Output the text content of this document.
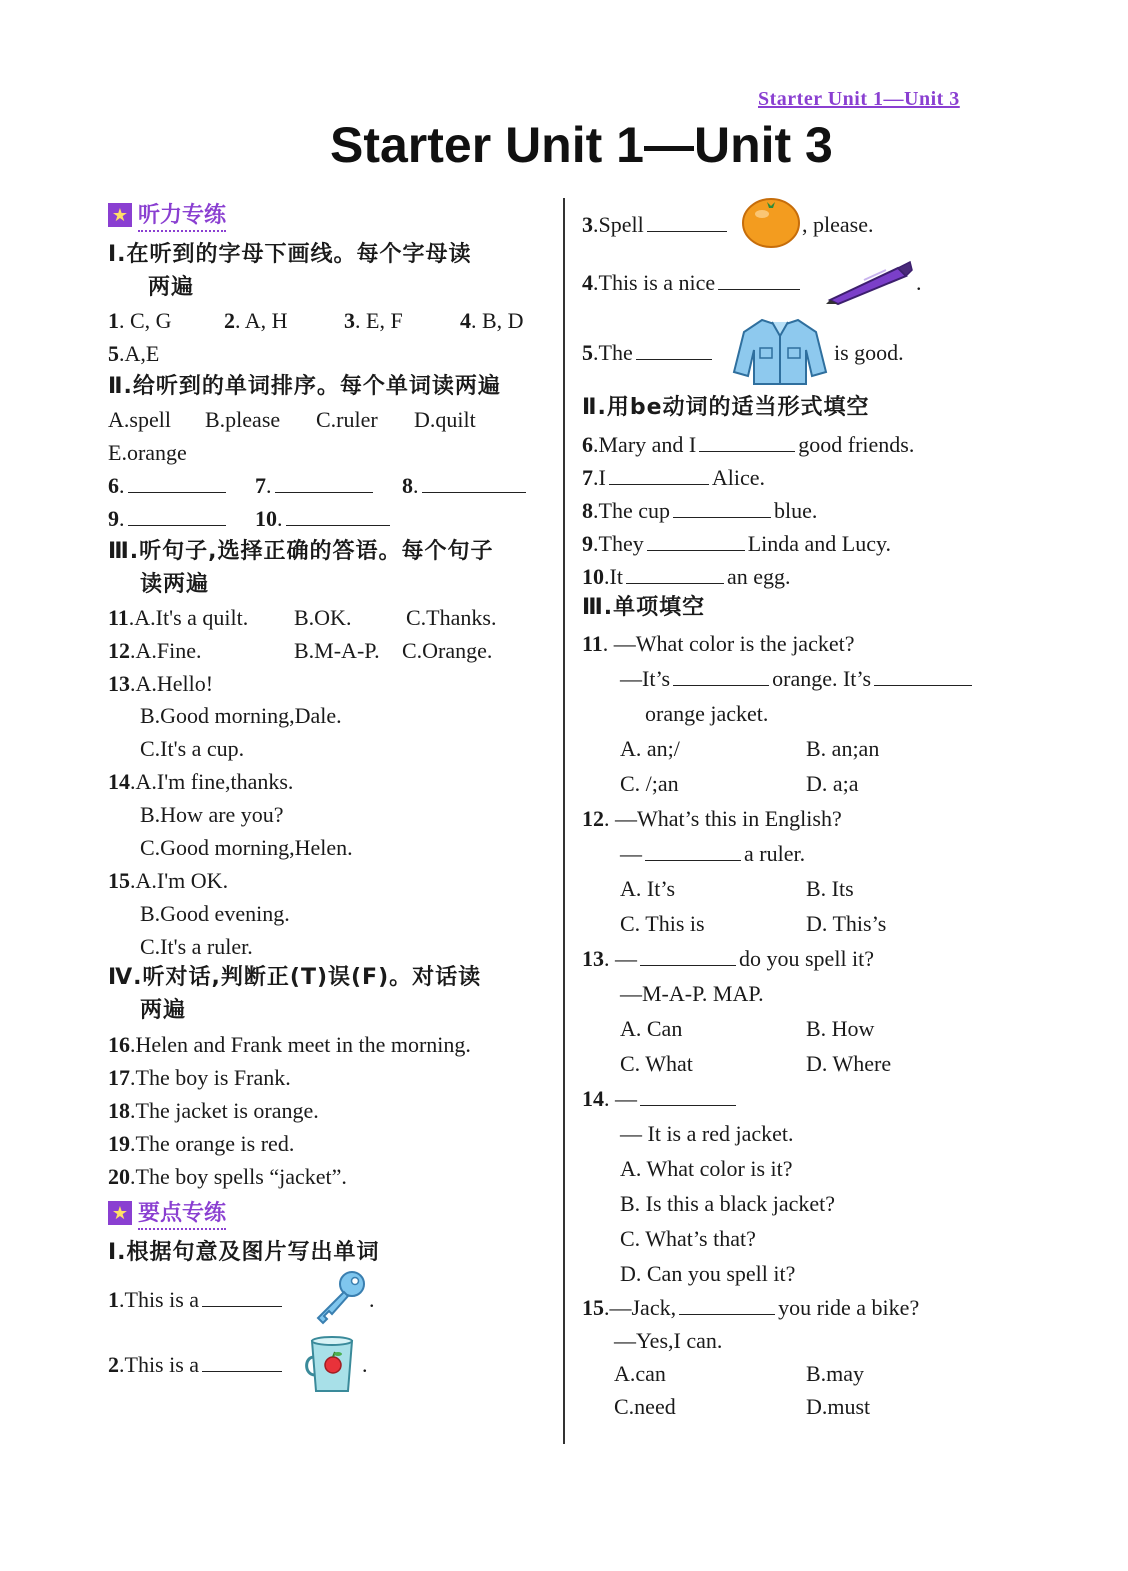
Starter Unit 1—Unit 3
Starter Unit 1—Unit 3
★ 听力专练
Ⅰ.在听到的字母下画线。每个字母读
两遍
1. C, G 2. A, H	3. E, F	4. B, D
5.A,E
Ⅱ.给听到的单词排序。每个单词读两遍
A.spell B.please C.ruler D.quilt
E.orange
6.	7.	8.
9.	10.
Ⅲ.听句子,选择正确的答语。每个句子
读两遍
11.A.It's a quilt. B.OK. C.Thanks.
12.A.Fine.	B.M-A-P. C.Orange.
13.A.Hello!
B.Good morning,Dale.
C.It's a cup.
14.A.I'm fine,thanks.
B.How are you?
C.Good morning,Helen.
15.A.I'm OK.
B.Good evening.
C.It's a ruler.
Ⅳ.听对话,判断正(T)误(F)。对话读
两遍
16.Helen and Frank meet in the morning.
17.The boy is Frank.
18.The jacket is orange.
19.The orange is red.
20.The boy spells “jacket”.
★ 要点专练
Ⅰ.根据句意及图片写出单词
1.This is a	.
2.This is a	.
3.Spell	, please.
4.This is a nice	.
5.The	is good.
Ⅱ.用be动词的适当形式填空
6.Mary and I	good friends.
7.I	Alice.
8.The cup	blue.
9.They	Linda and Lucy.
10.It	an egg.
Ⅲ.单项填空
11. —What color is the jacket?
—It’s	orange. It’s
orange jacket.
A. an;/	B. an;an
C. /;an	D. a;a
12. —What’s this in English?
—	a ruler.
A. It’s	B. Its
C. This is	D. This’s
13. —	do you spell it?
—M-A-P. MAP.
A. Can	B. How
C. What	D. Where
14. —
— It is a red jacket.
A. What color is it?
B. Is this a black jacket?
C. What’s that?
D. Can you spell it?
15.—Jack,	you ride a bike?
—Yes,I can.
A.can	B.may
C.need	D.must
